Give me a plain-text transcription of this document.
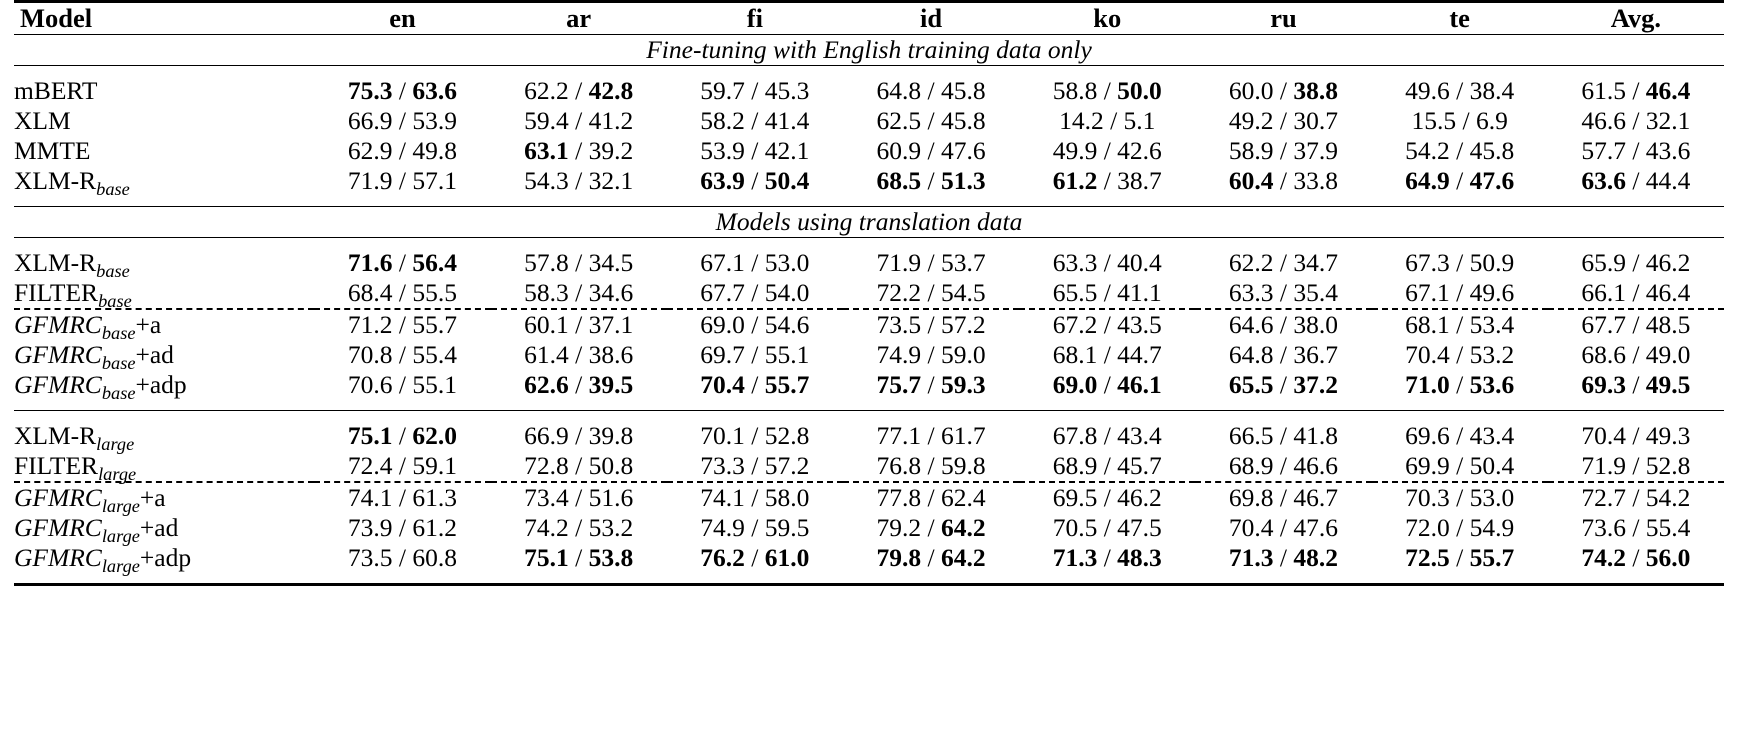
Model	en	ar	fi	id	ko	ru	te	Avg.

Fine-tuning with English training data only								

mBERT	75.3 / 63.6	62.2 / 42.8	59.7 / 45.3	64.8 / 45.8	58.8 / 50.0	60.0 / 38.8	49.6 / 38.4	61.5 / 46.4
XLM	66.9 / 53.9	59.4 / 41.2	58.2 / 41.4	62.5 / 45.8	14.2 / 5.1	49.2 / 30.7	15.5 / 6.9	46.6 / 32.1
MMTE	62.9 / 49.8	63.1 / 39.2	53.9 / 42.1	60.9 / 47.6	49.9 / 42.6	58.9 / 37.9	54.2 / 45.8	57.7 / 43.6
XLM-$R_{base}$	71.9 / 57.1	54.3 / 32.1	63.9 / 50.4	68.5 / 51.3	61.2 / 38.7	60.4 / 33.8	64.9 / 47.6	63.6 / 44.4

Models using translation data								

XLM-$R_{base}$	71.6 / 56.4	57.8 / 34.5	67.1 / 53.0	71.9 / 53.7	63.3 / 40.4	62.2 / 34.7	67.3 / 50.9	65.9 / 46.2
$FILTER_{base}$	68.4 / 55.5	58.3 / 34.6	67.7 / 54.0	72.2 / 54.5	65.5 / 41.1	63.3 / 35.4	67.1 / 49.6	66.1 / 46.4
$GFMRC_{base}+a$	71.2 / 55.7	60.1 / 37.1	69.0 / 54.6	73.5 / 57.2	67.2 / 43.5	64.6 / 38.0	68.1 / 53.4	67.7 / 48.5
$GFMRC_{base}+ad$	70.8 / 55.4	61.4 / 38.6	69.7 / 55.1	74.9 / 59.0	68.1 / 44.7	64.8 / 36.7	70.4 / 53.2	68.6 / 49.0
$GFMRC_{base}+adp$	70.6 / 55.1	62.6 / 39.5	70.4 / 55.7	75.7 / 59.3	69.0 / 46.1	65.5 / 37.2	71.0 / 53.6	69.3 / 49.5

XLM-$R_{large}$	75.1 / 62.0	66.9 / 39.8	70.1 / 52.8	77.1 / 61.7	67.8 / 43.4	66.5 / 41.8	69.6 / 43.4	70.4 / 49.3
$FILTER_{large}$	72.4 / 59.1	72.8 / 50.8	73.3 / 57.2	76.8 / 59.8	68.9 / 45.7	68.9 / 46.6	69.9 / 50.4	71.9 / 52.8
$GFMRC_{large}+a$	74.1 / 61.3	73.4 / 51.6	74.1 / 58.0	77.8 / 62.4	69.5 / 46.2	69.8 / 46.7	70.3 / 53.0	72.7 / 54.2
$GFMRC_{large}+ad$	73.9 / 61.2	74.2 / 53.2	74.9 / 59.5	79.2 / 64.2	70.5 / 47.5	70.4 / 47.6	72.0 / 54.9	73.6 / 55.4
$GFMRC_{large}+adp$	73.5 / 60.8	75.1 / 53.8	76.2 / 61.0	79.8 / 64.2	71.3 / 48.3	71.3 / 48.2	72.5 / 55.7	74.2 / 56.0
